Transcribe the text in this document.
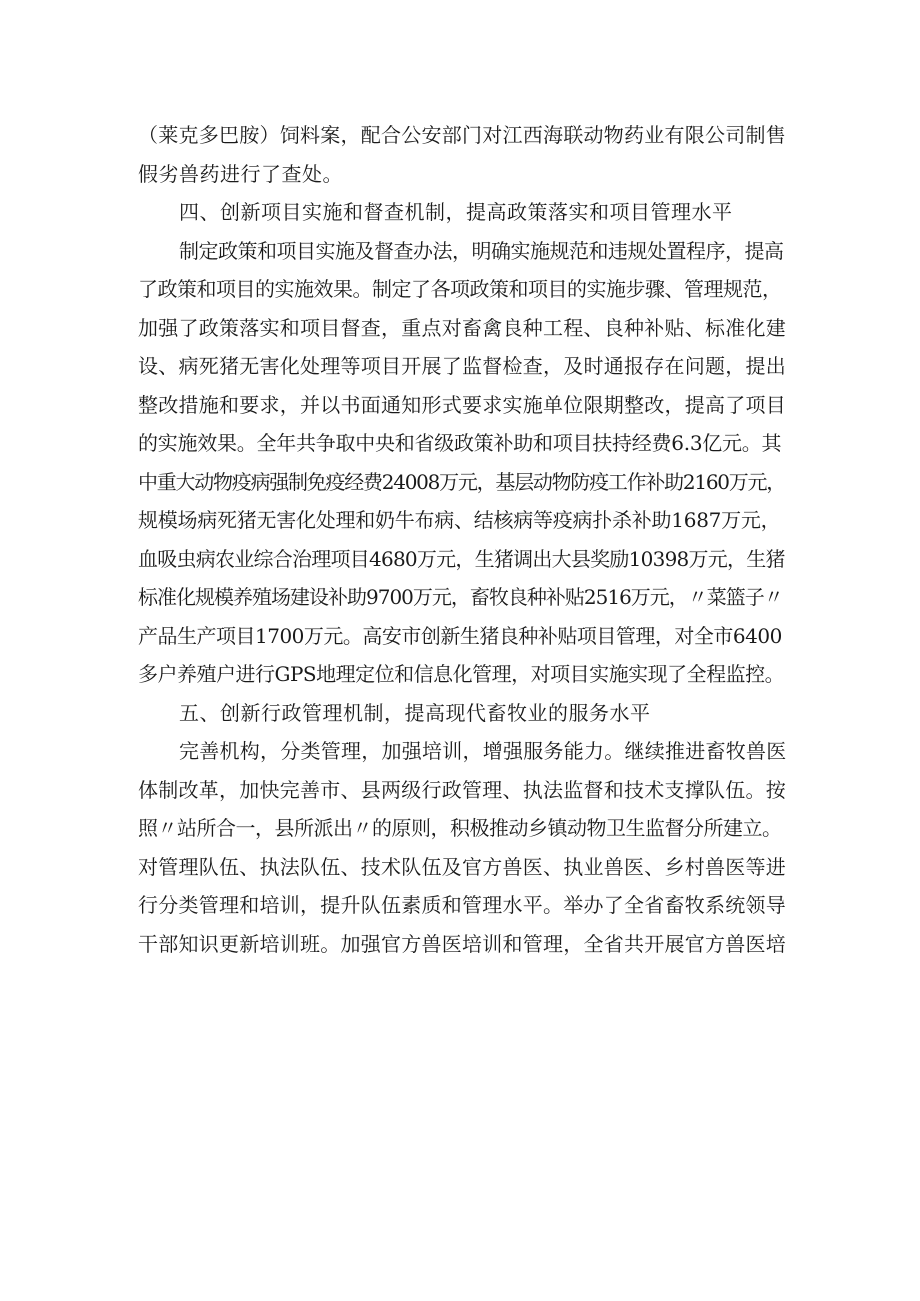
（莱克多巴胺）饲料案，配合公安部门对江西海联动物药业有限公司制售
假劣兽药进行了查处。
四、创新项目实施和督查机制，提高政策落实和项目管理水平
制定政策和项目实施及督查办法，明确实施规范和违规处置程序，提高
了政策和项目的实施效果。制定了各项政策和项目的实施步骤、管理规范，
加强了政策落实和项目督查，重点对畜禽良种工程、良种补贴、标准化建
设、病死猪无害化处理等项目开展了监督检查，及时通报存在问题，提出
整改措施和要求，并以书面通知形式要求实施单位限期整改，提高了项目
的实施效果。全年共争取中央和省级政策补助和项目扶持经费6.3亿元。其
中重大动物疫病强制免疫经费24008万元，基层动物防疫工作补助2160万元，
规模场病死猪无害化处理和奶牛布病、结核病等疫病扑杀补助1687万元，
血吸虫病农业综合治理项目4680万元，生猪调出大县奖励10398万元，生猪
标准化规模养殖场建设补助9700万元，畜牧良种补贴2516万元，〃菜篮子〃
产品生产项目1700万元。高安市创新生猪良种补贴项目管理，对全市6400
多户养殖户进行GPS地理定位和信息化管理，对项目实施实现了全程监控。
五、创新行政管理机制，提高现代畜牧业的服务水平
完善机构，分类管理，加强培训，增强服务能力。继续推进畜牧兽医
体制改革，加快完善市、县两级行政管理、执法监督和技术支撑队伍。按
照〃站所合一，县所派出〃的原则，积极推动乡镇动物卫生监督分所建立。
对管理队伍、执法队伍、技术队伍及官方兽医、执业兽医、乡村兽医等进
行分类管理和培训，提升队伍素质和管理水平。举办了全省畜牧系统领导
干部知识更新培训班。加强官方兽医培训和管理，全省共开展官方兽医培
